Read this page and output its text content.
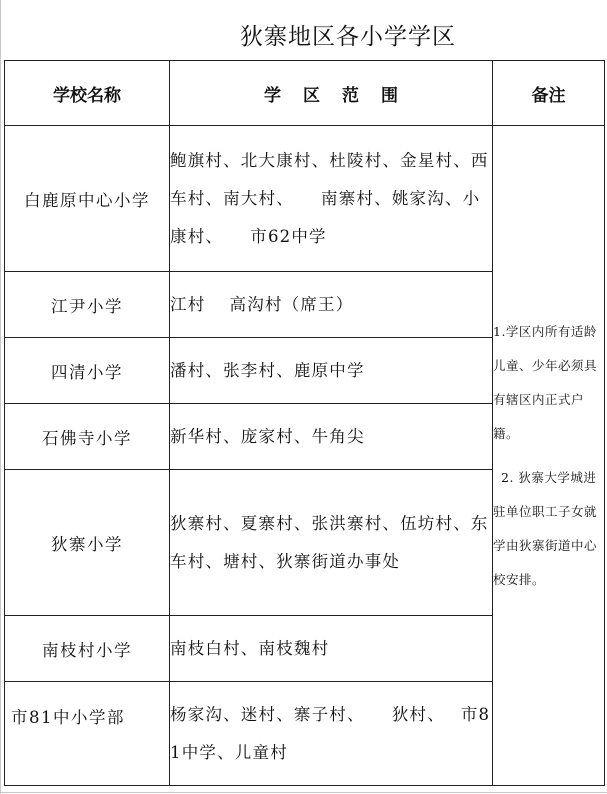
狄寨地区各小学学区
学校名称	学区范围	备注
白鹿原中心小学	鲍旗村、北大康村、杜陵村、金星村、西车村、南大村、　　南寨村、姚家沟、小康村、　　市62中学	1.学区内所有适龄儿童、少年必须具有辖区内正式户籍。

2. 狄寨大学城进驻单位职工子女就学由狄寨街道中心校安排。

江尹小学	江村　 高沟村（席王）	
四清小学	潘村、张李村、鹿原中学	
石佛寺小学	新华村、庞家村、牛角尖	
狄寨小学	狄寨村、夏寨村、张洪寨村、伍坊村、东车村、塘村、狄寨街道办事处	
南枝村小学	南枝白村、南枝魏村	
市81中小学部	杨家沟、迷村、寨子村、　　狄村、　 市81中学、儿童村	
